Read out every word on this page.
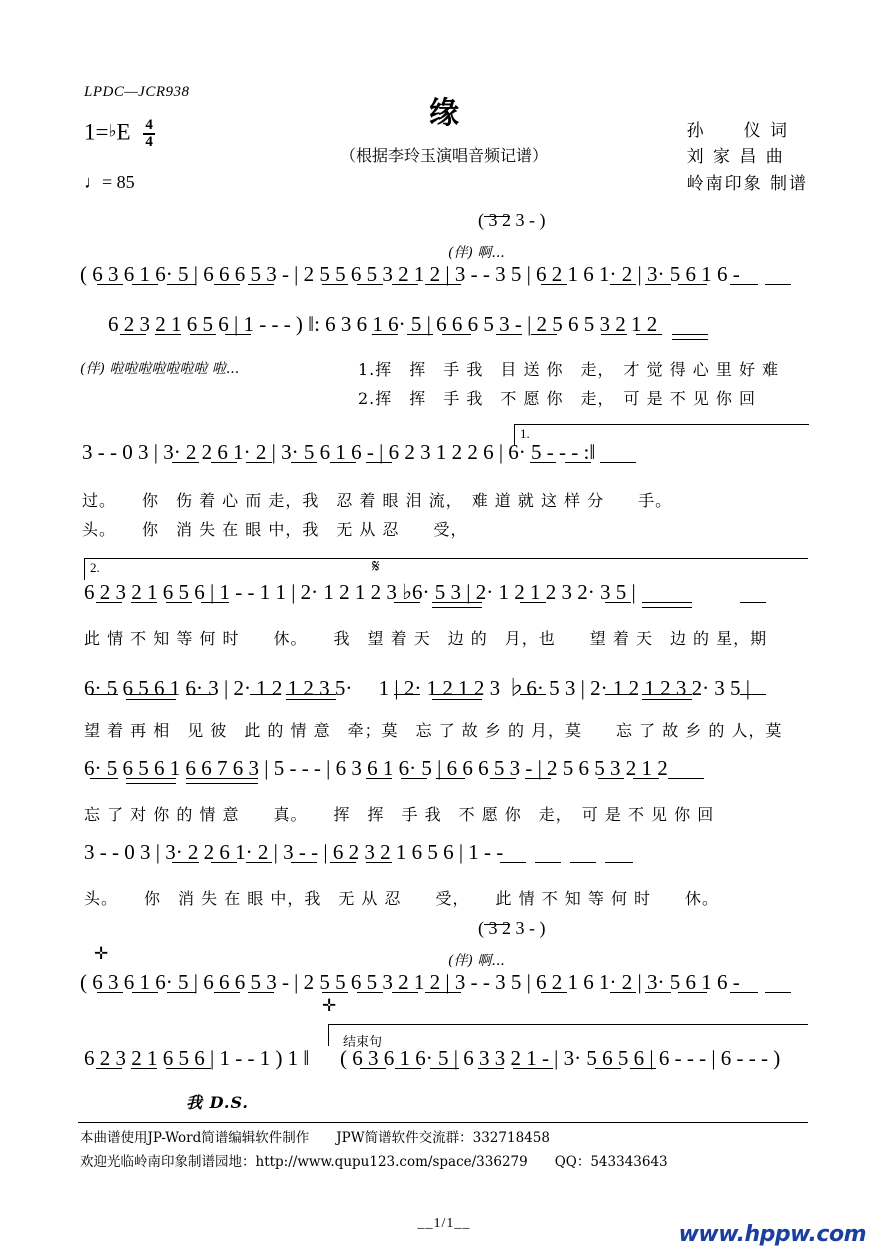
LPDC—JCR938
缘
（根据李玲玉演唱音频记谱）
1=♭E $\frac{4}{4}$
♩= 85
孙　　仪 词
刘 家 昌 曲
岭南印象 制谱
( 3 2 3 - )
(伴) 啊...
( 6 3 6 1 6· 5 | 6 6 6 5 3 - | 2 5 5 6 5 3 2 1 2 | 3 - - 3 5 | 6 2 1 6 1· 2 | 3· 5 6 1 6 -
6 2 3 2 1 6 5 6 | 1 - - - ) ‖: 6 3 6 1 6· 5 | 6 6 6 5 3 - | 2 5 6 5 3 2 1 2
(伴) 啦啦啦啦啦啦啦 啦...	1.挥　挥　手 我　目 送 你　走，　才 觉 得 心 里 好 难
2.挥　挥　手 我　不 愿 你　走，　可 是 不 见 你 回
1.
3 - - 0 3 | 3· 2 2 6 1· 2 | 3· 5 6 1 6 - | 6 2 3 1 2 2 6 | 6· 5 - - - :‖
过。　　你　伤 着 心 而 走，我　忍 着 眼 泪 流，　难 道 就 这 样 分　　手。
头。　　你　消 失 在 眼 中，我　无 从 忍　　受，
2.	𝄋
6 2 3 2 1 6 5 6 | 1 - - 1 1 | 2· 1 2 1 2 3 ♭6· 5 3 | 2· 1 2 1 2 3 2· 3 5 |
此 情 不 知 等 何 时　　休。　　我　望 着 天　边 的　月，也　　望 着 天　边 的 星，期
6· 5 6 5 6 1 6· 3 | 2· 1 2 1 2 3 5· 　1 | 2· 1 2 1 2 3 ♭6· 5 3 | 2· 1 2 1 2 3 2· 3 5 |
望 着 再 相　见 彼　此 的 情 意　牵；莫　忘 了 故 乡 的 月，莫　　忘 了 故 乡 的 人，莫
6· 5 6 5 6 1 6 6 7 6 3 | 5 - - - | 6 3 6 1 6· 5 | 6 6 6 5 3 - | 2 5 6 5 3 2 1 2
忘 了 对 你 的 情 意　　真。　　挥　挥　手 我　不 愿 你　走，　可 是 不 见 你 回
3 - - 0 3 | 3· 2 2 6 1· 2 | 3 - - | 6 2 3 2 1 6 5 6 | 1 - -
头。　　你　消 失 在 眼 中，我　无 从 忍　　受，　　此 情 不 知 等 何 时　　休。
( 3 2 3 - )
(伴) 啊...
✛
( 6 3 6 1 6· 5 | 6 6 6 5 3 - | 2 5 5 6 5 3 2 1 2 | 3 - - 3 5 | 6 2 1 6 1· 2 | 3· 5 6 1 6 -
✛
结束句
6 2 3 2 1 6 5 6 | 1 - - 1 ) 1 ‖
我 D.S.
( 6 3 6 1 6· 5 | 6 3 3 2 1 - | 3· 5 6 5 6 | 6 - - - | 6 - - - )
本曲谱使用JP-Word简谱编辑软件制作　　JPW简谱软件交流群：332718458
欢迎光临岭南印象制谱园地：http://www.qupu123.com/space/336279　　QQ：543343643
__1/1__	www.hppw.com
